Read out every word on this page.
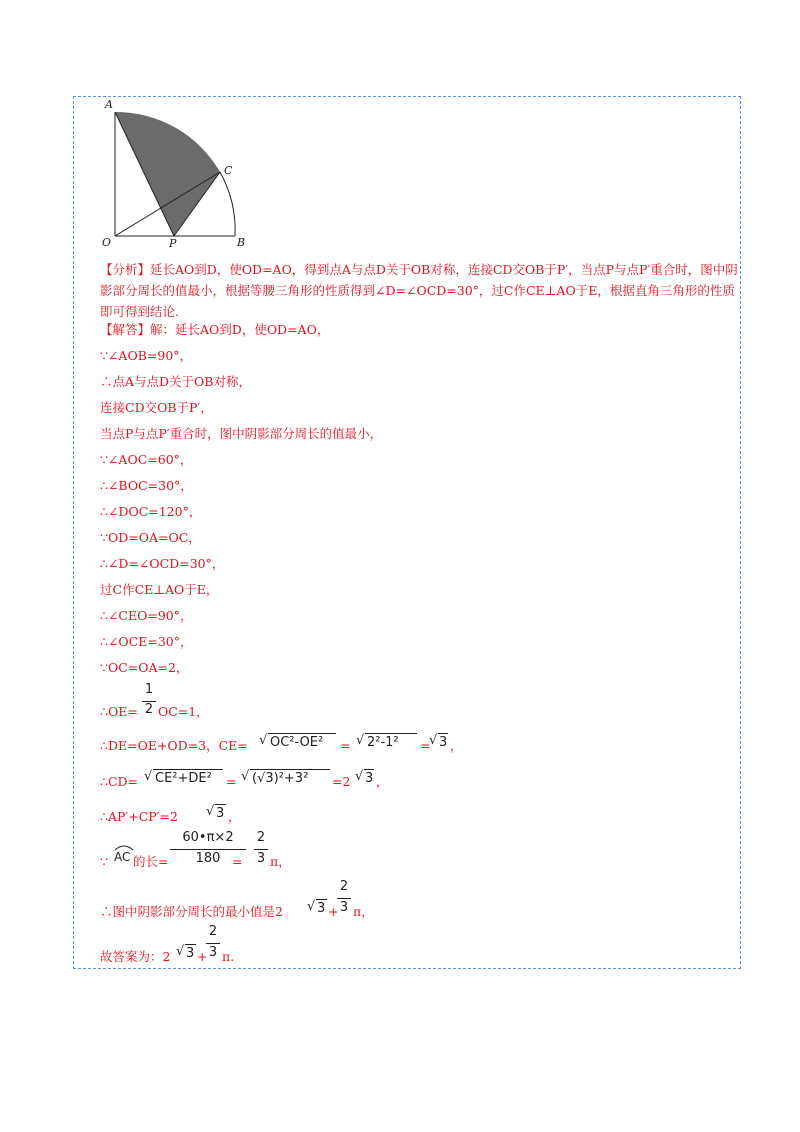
A
C
O	P	B
【分析】延长AO到D，使OD=AO，得到点A与点D关于OB对称，连接CD交OB于P′，当点P与点P′重合时，图中阴影部分周长的值最小，根据等腰三角形的性质得到∠D=∠OCD=30°，过C作CE⊥AO于E，根据直角三角形的性质即可得到结论.
【解答】解：延长AO到D，使OD=AO，
∵∠AOB=90°，
∴点A与点D关于OB对称，
连接CD交OB于P′，
当点P与点P′重合时，图中阴影部分周长的值最小，
∵∠AOC=60°，
∴∠BOC=30°，
∴∠DOC=120°，
∵OD=OA=OC，
∴∠D=∠OCD=30°，
过C作CE⊥AO于E，
∴∠CEO=90°，
∴∠OCE=30°，
∵OC=OA=2，
∴OE=
1
2 OC=1，
∴DE=OE+OD=3，CE= √ OC²-OE² = √ 2²-1² =
√ 3 ，
∴CD= √ CE²+DE² = √ (√3)²+3² =2 √ 3 ，
∴AP′+CP′=2 √ 3 ，
∵ AC 的长=
60•π×2
180 =
2
3 π，
∴图中阴影部分周长的最小值是2 √ 3 +
2
3 π，
故答案为：2 √ 3 +
2
3 π.
